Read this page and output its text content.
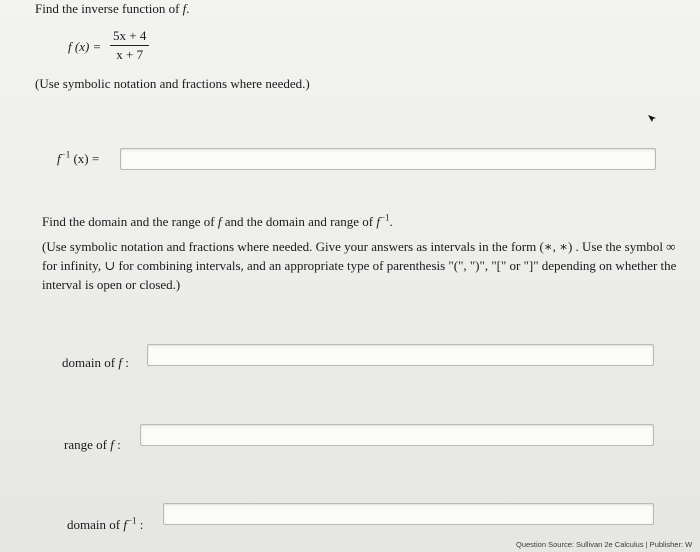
Find the inverse function of f.
f (x) =
5x + 4
x + 7
(Use symbolic notation and fractions where needed.)
$f^{-1}$ (x) =
Find the domain and the range of f and the domain and range of $f^{-1}$.
(Use symbolic notation and fractions where needed. Give your answers as intervals in the form (∗, ∗) . Use the symbol ∞ for infinity, ∪ for combining intervals, and an appropriate type of parenthesis "(", ")", "[" or "]" depending on whether the interval is open or closed.)
domain of f :
range of f :
domain of $f^{-1}$ :
Question Source: Sullivan 2e Calculus | Publisher: W
